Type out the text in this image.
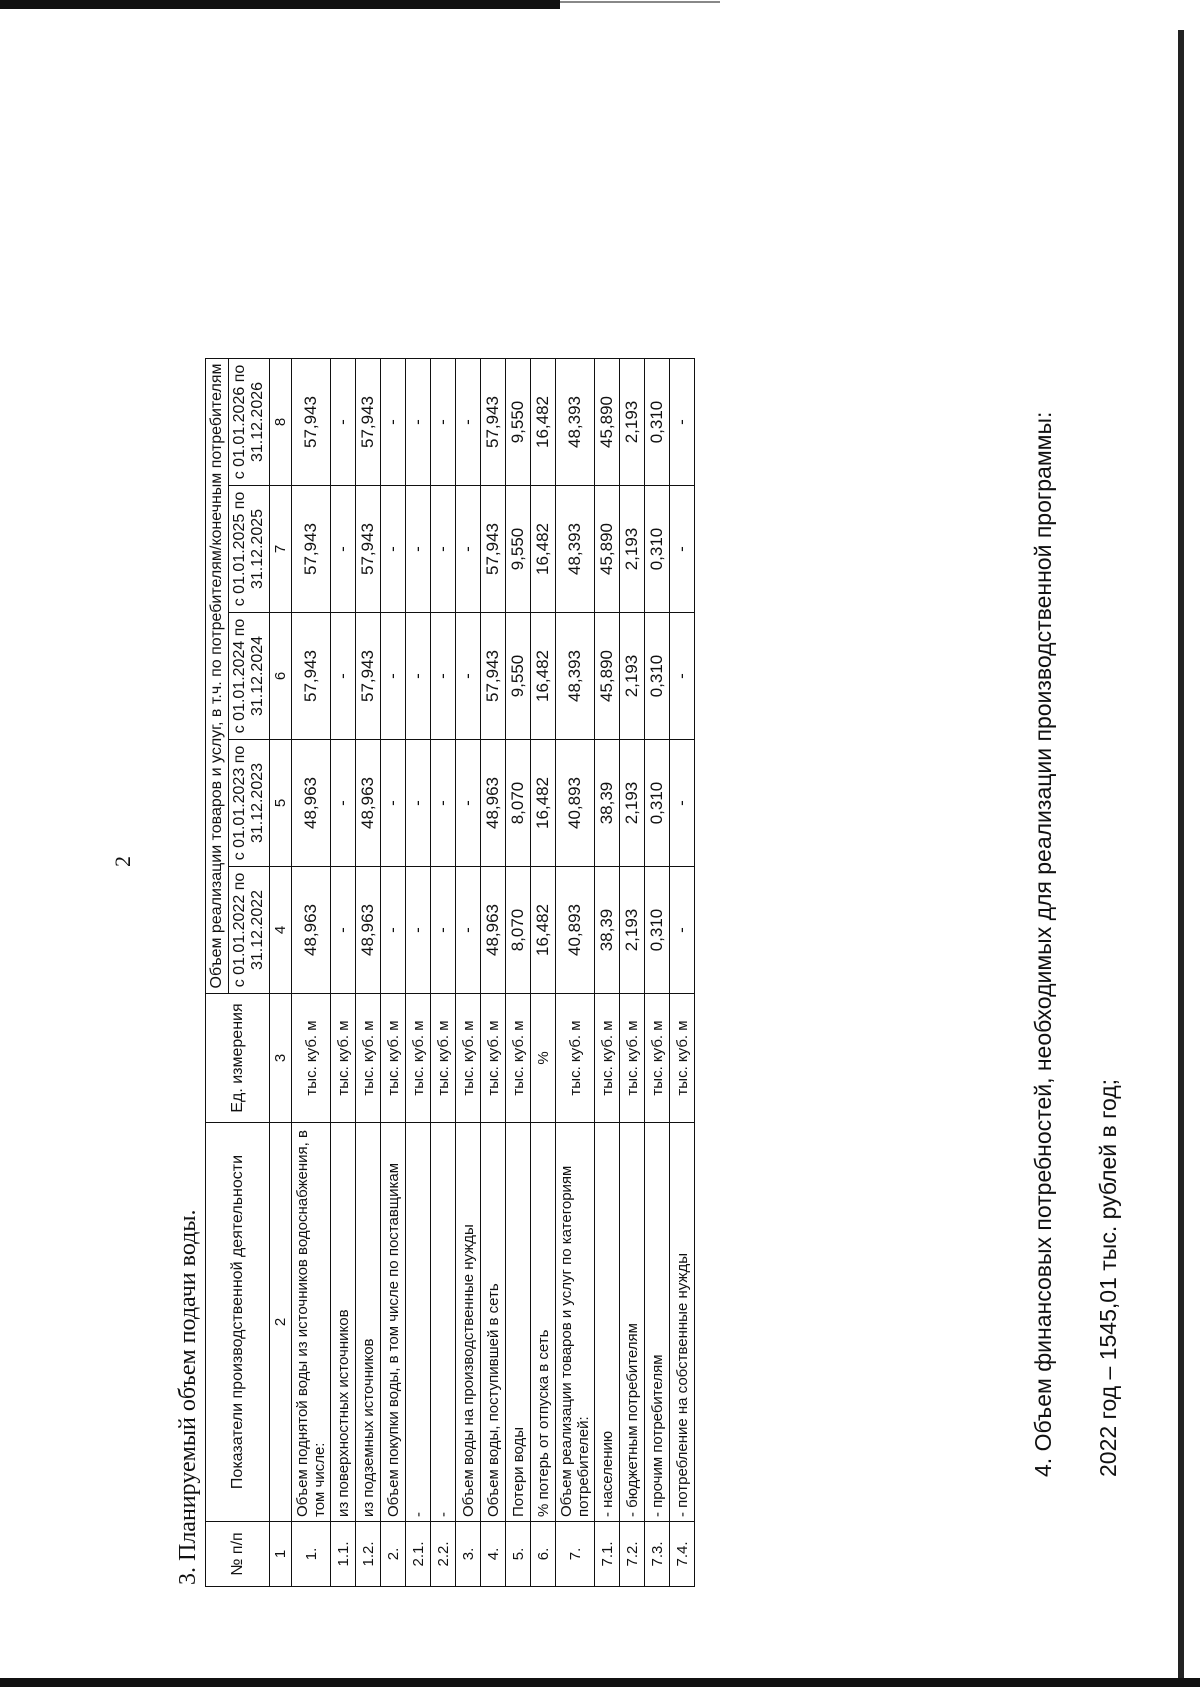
2
3. Планируемый объем подачи воды. № п/п	Показатели производственной деятельности	Ед. измерения	Объем реализации товаров и услуг, в т.ч. по потребителям/конечным потребителям				
			с 01.01.2022 по 31.12.2022	с 01.01.2023 по 31.12.2023	с 01.01.2024 по 31.12.2024	с 01.01.2025 по 31.12.2025	с 01.01.2026 по 31.12.2026
1	2	3	4	5	6	7	8
1.	Объем поднятой воды из источников водоснабжения, в том числе:	тыс. куб. м	48,963	48,963	57,943	57,943	57,943
1.1.	из поверхностных источников	тыс. куб. м	-	-	-	-	-
1.2.	из подземных источников	тыс. куб. м	48,963	48,963	57,943	57,943	57,943
2.	Объем покупки воды, в том числе по поставщикам	тыс. куб. м	-	-	-	-	-
2.1.	-	тыс. куб. м	-	-	-	-	-
2.2.	-	тыс. куб. м	-	-	-	-	-
3.	Объем воды на производственные нужды	тыс. куб. м	-	-	-	-	-
4.	Объем воды, поступившей в сеть	тыс. куб. м	48,963	48,963	57,943	57,943	57,943
5.	Потери воды	тыс. куб. м	8,070	8,070	9,550	9,550	9,550
6.	% потерь от отпуска в сеть	%	16,482	16,482	16,482	16,482	16,482
7.	Объем реализации товаров и услуг по категориям потребителей:	тыс. куб. м	40,893	40,893	48,393	48,393	48,393
7.1.	- населению	тыс. куб. м	38,39	38,39	45,890	45,890	45,890
7.2.	- бюджетным потребителям	тыс. куб. м	2,193	2,193	2,193	2,193	2,193
7.3.	- прочим потребителям	тыс. куб. м	0,310	0,310	0,310	0,310	0,310
7.4.	- потребление на собственные нужды	тыс. куб. м	-	-	-	-	-	4. Объем финансовых потребностей, необходимых для реализации производственной программы: 2022 год – 1545,01 тыс. рублей в год;
